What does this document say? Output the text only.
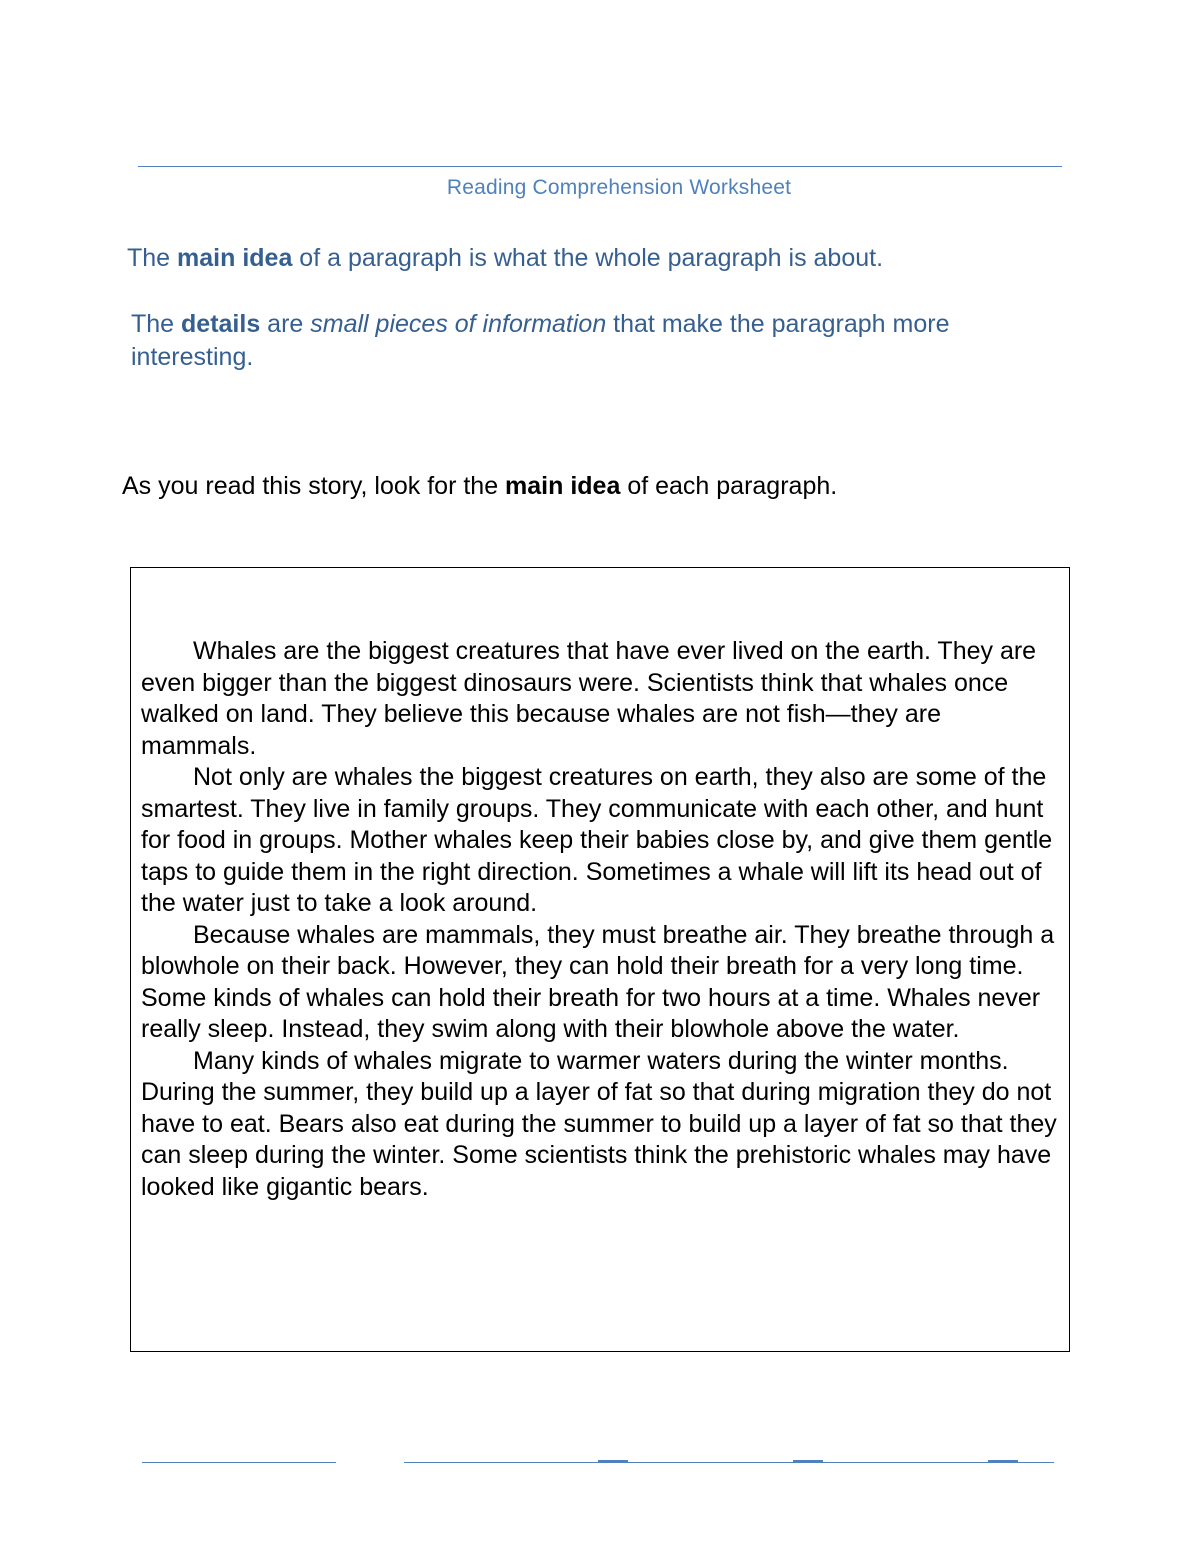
Reading Comprehension Worksheet
The main idea of a paragraph is what the whole paragraph is about.
The details are small pieces of information that make the paragraph more interesting.
As you read this story, look for the main idea of each paragraph.

Whales are the biggest creatures that have ever lived on the earth. They are even bigger than the biggest dinosaurs were. Scientists think that whales once walked on land. They believe this because whales are not fish—they are mammals.

Not only are whales the biggest creatures on earth, they also are some of the smartest. They live in family groups. They communicate with each other, and hunt for food in groups. Mother whales keep their babies close by, and give them gentle taps to guide them in the right direction. Sometimes a whale will lift its head out of the water just to take a look around.

Because whales are mammals, they must breathe air. They breathe through a blowhole on their back. However, they can hold their breath for a very long time. Some kinds of whales can hold their breath for two hours at a time. Whales never really sleep. Instead, they swim along with their blowhole above the water.

Many kinds of whales migrate to warmer waters during the winter months. During the summer, they build up a layer of fat so that during migration they do not have to eat. Bears also eat during the summer to build up a layer of fat so that they can sleep during the winter. Some scientists think the prehistoric whales may have looked like gigantic bears.
